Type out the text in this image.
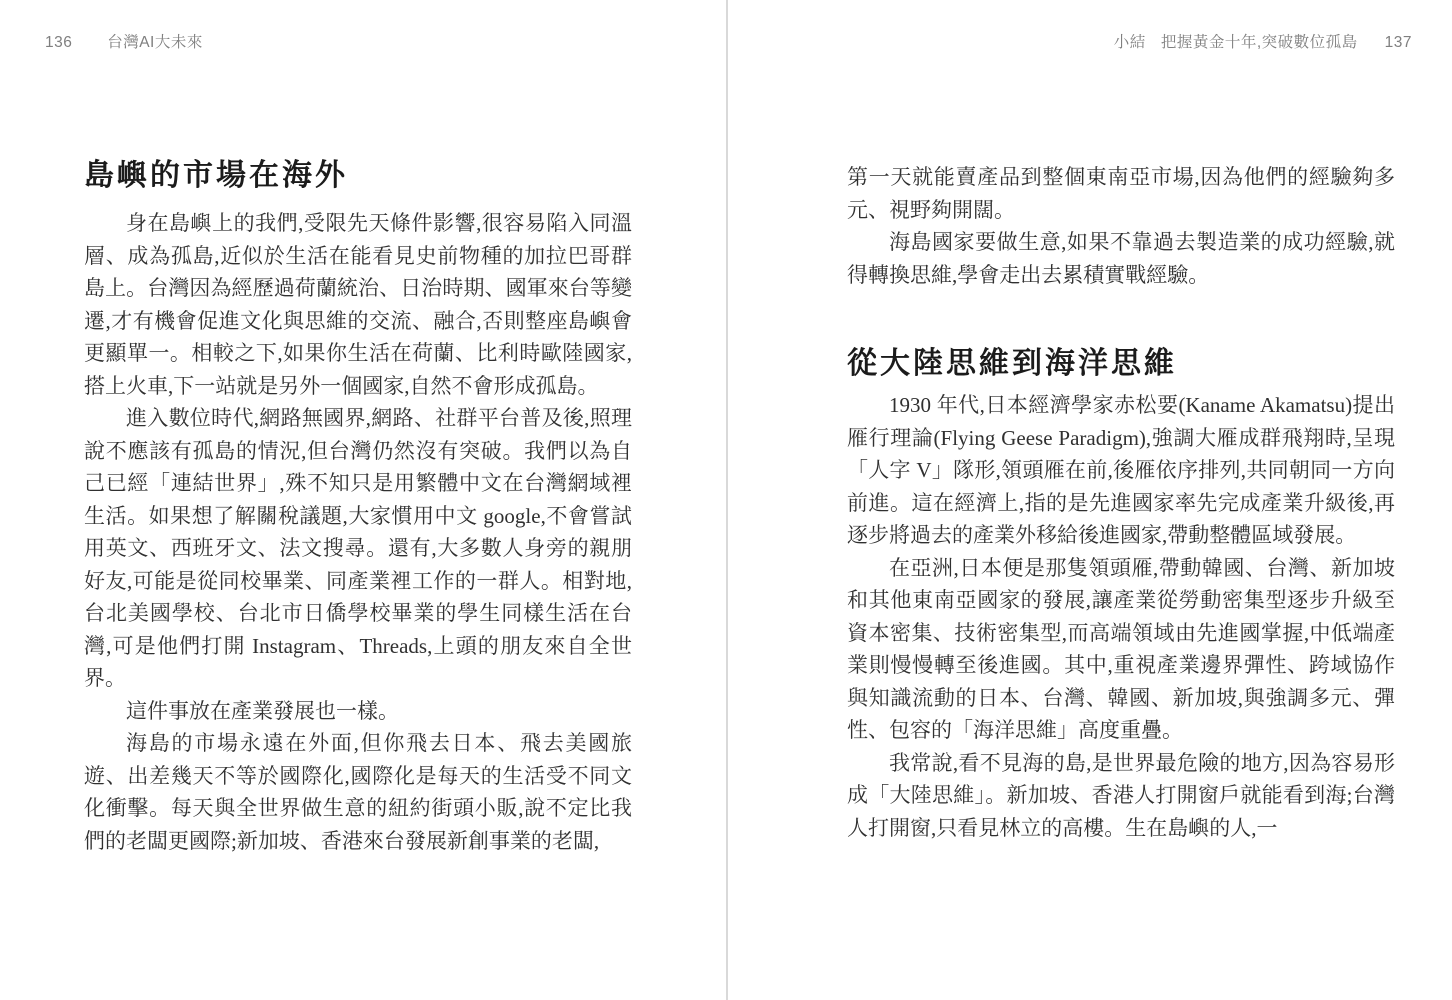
136 台灣AI大未來
島嶼的市場在海外

身在島嶼上的我們,受限先天條件影響,很容易陷入同溫層、成為孤島,近似於生活在能看見史前物種的加拉巴哥群島上。台灣因為經歷過荷蘭統治、日治時期、國軍來台等變遷,才有機會促進文化與思維的交流、融合,否則整座島嶼會更顯單一。相較之下,如果你生活在荷蘭、比利時歐陸國家,搭上火車,下一站就是另外一個國家,自然不會形成孤島。

進入數位時代,網路無國界,網路、社群平台普及後,照理說不應該有孤島的情況,但台灣仍然沒有突破。我們以為自己已經「連結世界」,殊不知只是用繁體中文在台灣網域裡生活。如果想了解關稅議題,大家慣用中文 google,不會嘗試用英文、西班牙文、法文搜尋。還有,大多數人身旁的親朋好友,可能是從同校畢業、同產業裡工作的一群人。相對地,台北美國學校、台北市日僑學校畢業的學生同樣生活在台灣,可是他們打開 Instagram、Threads,上頭的朋友來自全世界。

這件事放在產業發展也一樣。

海島的市場永遠在外面,但你飛去日本、飛去美國旅遊、出差幾天不等於國際化,國際化是每天的生活受不同文化衝擊。每天與全世界做生意的紐約街頭小販,說不定比我們的老闆更國際;新加坡、香港來台發展新創事業的老闆,

小結 把握黃金十年,突破數位孤島 137

第一天就能賣產品到整個東南亞市場,因為他們的經驗夠多元、視野夠開闊。

海島國家要做生意,如果不靠過去製造業的成功經驗,就得轉換思維,學會走出去累積實戰經驗。

從大陸思維到海洋思維

1930 年代,日本經濟學家赤松要(Kaname Akamatsu)提出雁行理論(Flying Geese Paradigm),強調大雁成群飛翔時,呈現「人字 V」隊形,領頭雁在前,後雁依序排列,共同朝同一方向前進。這在經濟上,指的是先進國家率先完成產業升級後,再逐步將過去的產業外移給後進國家,帶動整體區域發展。

在亞洲,日本便是那隻領頭雁,帶動韓國、台灣、新加坡和其他東南亞國家的發展,讓產業從勞動密集型逐步升級至資本密集、技術密集型,而高端領域由先進國掌握,中低端產業則慢慢轉至後進國。其中,重視產業邊界彈性、跨域協作與知識流動的日本、台灣、韓國、新加坡,與強調多元、彈性、包容的「海洋思維」高度重疊。

我常說,看不見海的島,是世界最危險的地方,因為容易形成「大陸思維」。新加坡、香港人打開窗戶就能看到海;台灣人打開窗,只看見林立的高樓。生在島嶼的人,一
